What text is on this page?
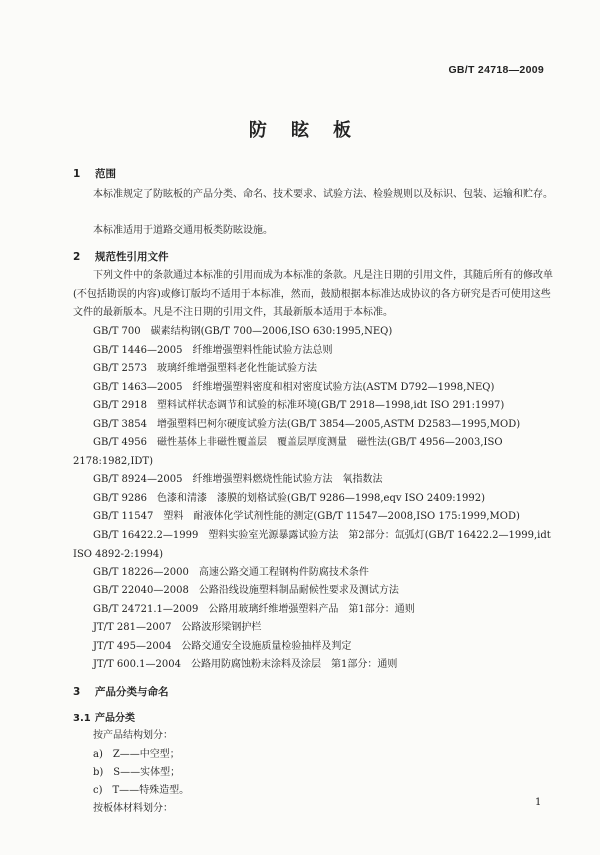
GB/T 24718—2009
防 眩 板
1 范围
本标准规定了防眩板的产品分类、命名、技术要求、试验方法、检验规则以及标识、包装、运输和贮存。
本标准适用于道路交通用板类防眩设施。
2 规范性引用文件
下列文件中的条款通过本标准的引用而成为本标准的条款。凡是注日期的引用文件，其随后所有的修改单(不包括勘误的内容)或修订版均不适用于本标准，然而，鼓励根据本标准达成协议的各方研究是否可使用这些文件的最新版本。凡是不注日期的引用文件，其最新版本适用于本标准。
GB/T 700　碳素结构钢(GB/T 700—2006,ISO 630:1995,NEQ)
GB/T 1446—2005　纤维增强塑料性能试验方法总则
GB/T 2573　玻璃纤维增强塑料老化性能试验方法
GB/T 1463—2005　纤维增强塑料密度和相对密度试验方法(ASTM D792—1998,NEQ)
GB/T 2918　塑料试样状态调节和试验的标准环境(GB/T 2918—1998,idt ISO 291:1997)
GB/T 3854　增强塑料巴柯尔硬度试验方法(GB/T 3854—2005,ASTM D2583—1995,MOD)
GB/T 4956　磁性基体上非磁性覆盖层　覆盖层厚度测量　磁性法(GB/T 4956—2003,ISO 2178:1982,IDT)
GB/T 8924—2005　纤维增强塑料燃烧性能试验方法　氧指数法
GB/T 9286　色漆和清漆　漆膜的划格试验(GB/T 9286—1998,eqv ISO 2409:1992)
GB/T 11547　塑料　耐液体化学试剂性能的测定(GB/T 11547—2008,ISO 175:1999,MOD)
GB/T 16422.2—1999　塑料实验室光源暴露试验方法　第2部分：氙弧灯(GB/T 16422.2—1999,idt ISO 4892-2:1994)
GB/T 18226—2000　高速公路交通工程钢构件防腐技术条件
GB/T 22040—2008　公路沿线设施塑料制品耐候性要求及测试方法
GB/T 24721.1—2009　公路用玻璃纤维增强塑料产品　第1部分：通则
JT/T 281—2007　公路波形梁钢护栏
JT/T 495—2004　公路交通安全设施质量检验抽样及判定
JT/T 600.1—2004　公路用防腐蚀粉末涂料及涂层　第1部分：通则
3 产品分类与命名
3.1 产品分类
按产品结构划分：
a)　Z——中空型；
b)　S——实体型；
c)　T——特殊造型。
按板体材料划分：
1
